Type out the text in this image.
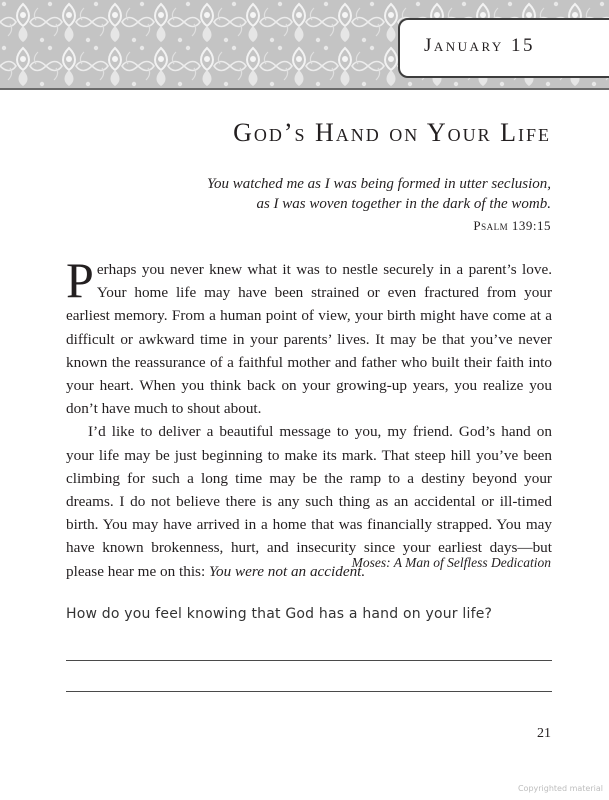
January 15
God’s Hand on Your Life
You watched me as I was being formed in utter seclusion,
as I was woven together in the dark of the womb.
Psalm 139:15

Perhaps you never knew what it was to nestle securely in a parent’s love. Your home life may have been strained or even fractured from your earliest memory. From a human point of view, your birth might have come at a difficult or awkward time in your parents’ lives. It may be that you’ve never known the reassurance of a faithful mother and father who built their faith into your heart. When you think back on your growing-up years, you realize you don’t have much to shout about.

I’d like to deliver a beautiful message to you, my friend. God’s hand on your life may be just beginning to make its mark. That steep hill you’ve been climbing for such a long time may be the ramp to a destiny beyond your dreams. I do not believe there is any such thing as an accidental or ill-timed birth. You may have arrived in a home that was financially strapped. You may have known brokenness, hurt, and insecurity since your earliest days—but please hear me on this: You were not an accident.

Moses: A Man of Selfless Dedication
How do you feel knowing that God has a hand on your life?
21
Copyrighted material
